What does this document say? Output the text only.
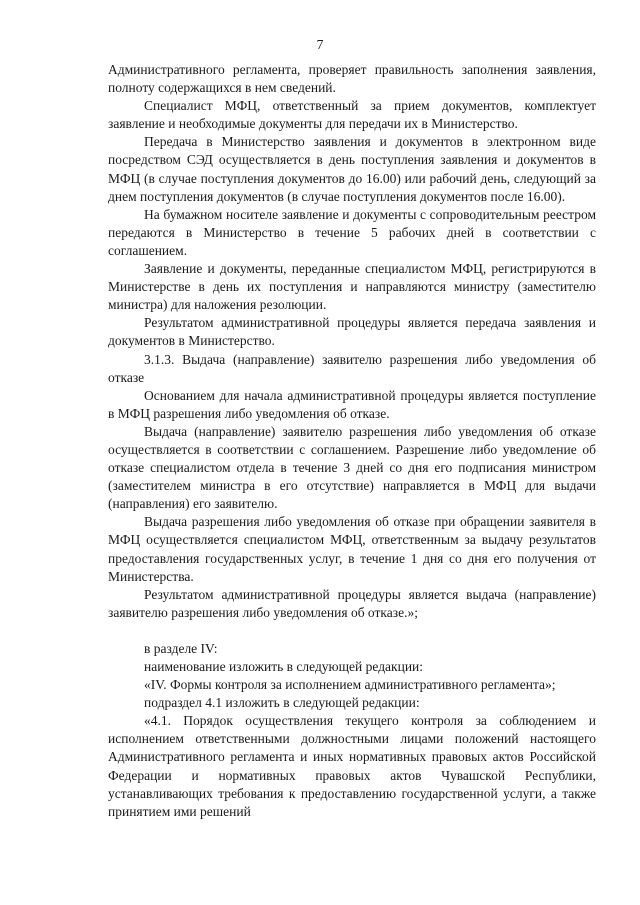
7

Административного регламента, проверяет правильность заполнения заявления, полноту содержащихся в нем сведений.

Специалист МФЦ, ответственный за прием документов, комплектует заявление и необходимые документы для передачи их в Министерство.

Передача в Министерство заявления и документов в электронном виде посредством СЭД осуществляется в день поступления заявления и документов в МФЦ (в случае поступления документов до 16.00) или рабочий день, следующий за днем поступления документов (в случае поступления документов после 16.00).

На бумажном носителе заявление и документы с сопроводительным реестром передаются в Министерство в течение 5 рабочих дней в соответствии с соглашением.

Заявление и документы, переданные специалистом МФЦ, регистрируются в Министерстве в день их поступления и направляются министру (заместителю министра) для наложения резолюции.

Результатом административной процедуры является передача заявления и документов в Министерство.

3.1.3. Выдача (направление) заявителю разрешения либо уведомления об отказе

Основанием для начала административной процедуры является поступление в МФЦ разрешения либо уведомления об отказе.

Выдача (направление) заявителю разрешения либо уведомления об отказе осуществляется в соответствии с соглашением. Разрешение либо уведомление об отказе специалистом отдела в течение 3 дней со дня его подписания министром (заместителем министра в его отсутствие) направляется в МФЦ для выдачи (направления) его заявителю.

Выдача разрешения либо уведомления об отказе при обращении заявителя в МФЦ осуществляется специалистом МФЦ, ответственным за выдачу результатов предоставления государственных услуг, в течение 1 дня со дня его получения от Министерства.

Результатом административной процедуры является выдача (направление) заявителю разрешения либо уведомления об отказе.»;

в разделе IV:

наименование изложить в следующей редакции:

«IV. Формы контроля за исполнением административного регламента»;

подраздел 4.1 изложить в следующей редакции:

«4.1. Порядок осуществления текущего контроля за соблюдением и исполнением ответственными должностными лицами положений настоящего Административного регламента и иных нормативных правовых актов Российской Федерации и нормативных правовых актов Чувашской Республики, устанавливающих требования к предоставлению государственной услуги, а также принятием ими решений
